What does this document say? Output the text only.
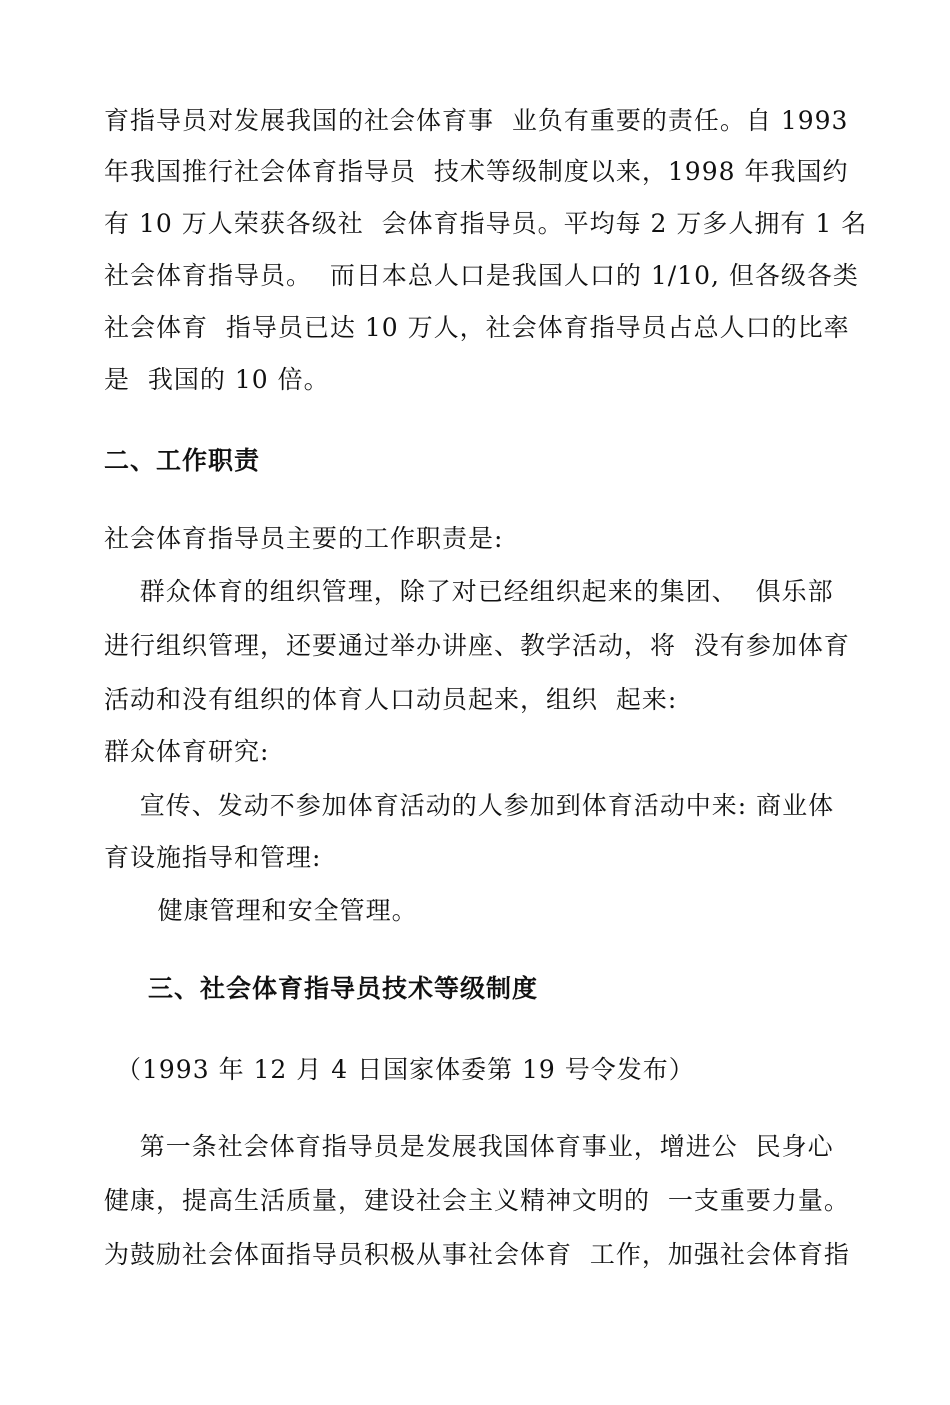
育指导员对发展我国的社会体育事  业负有重要的责任。自 1993
年我国推行社会体育指导员  技术等级制度以来，1998 年我国约
有 10 万人荣获各级社  会体育指导员。平均每 2 万多人拥有 1 名
社会体育指导员。  而日本总人口是我国人口的 1/10, 但各级各类
社会体育  指导员已达 10 万人，社会体育指导员占总人口的比率
是  我国的 10 倍。
二、工作职责
社会体育指导员主要的工作职责是:
群众体育的组织管理，除了对已经组织起来的集团、  俱乐部
进行组织管理，还要通过举办讲座、教学活动，将  没有参加体育
活动和没有组织的体育人口动员起来，组织  起来:
群众体育研究:
宣传、发动不参加体育活动的人参加到体育活动中来: 商业体
育设施指导和管理:
健康管理和安全管理。
三、社会体育指导员技术等级制度
（1993 年 12 月 4 日国家体委第 19 号令发布）
第一条社会体育指导员是发展我国体育事业，增进公  民身心
健康，提高生活质量，建设社会主义精神文明的  一支重要力量。
为鼓励社会体面指导员积极从事社会体育  工作，加强社会体育指
